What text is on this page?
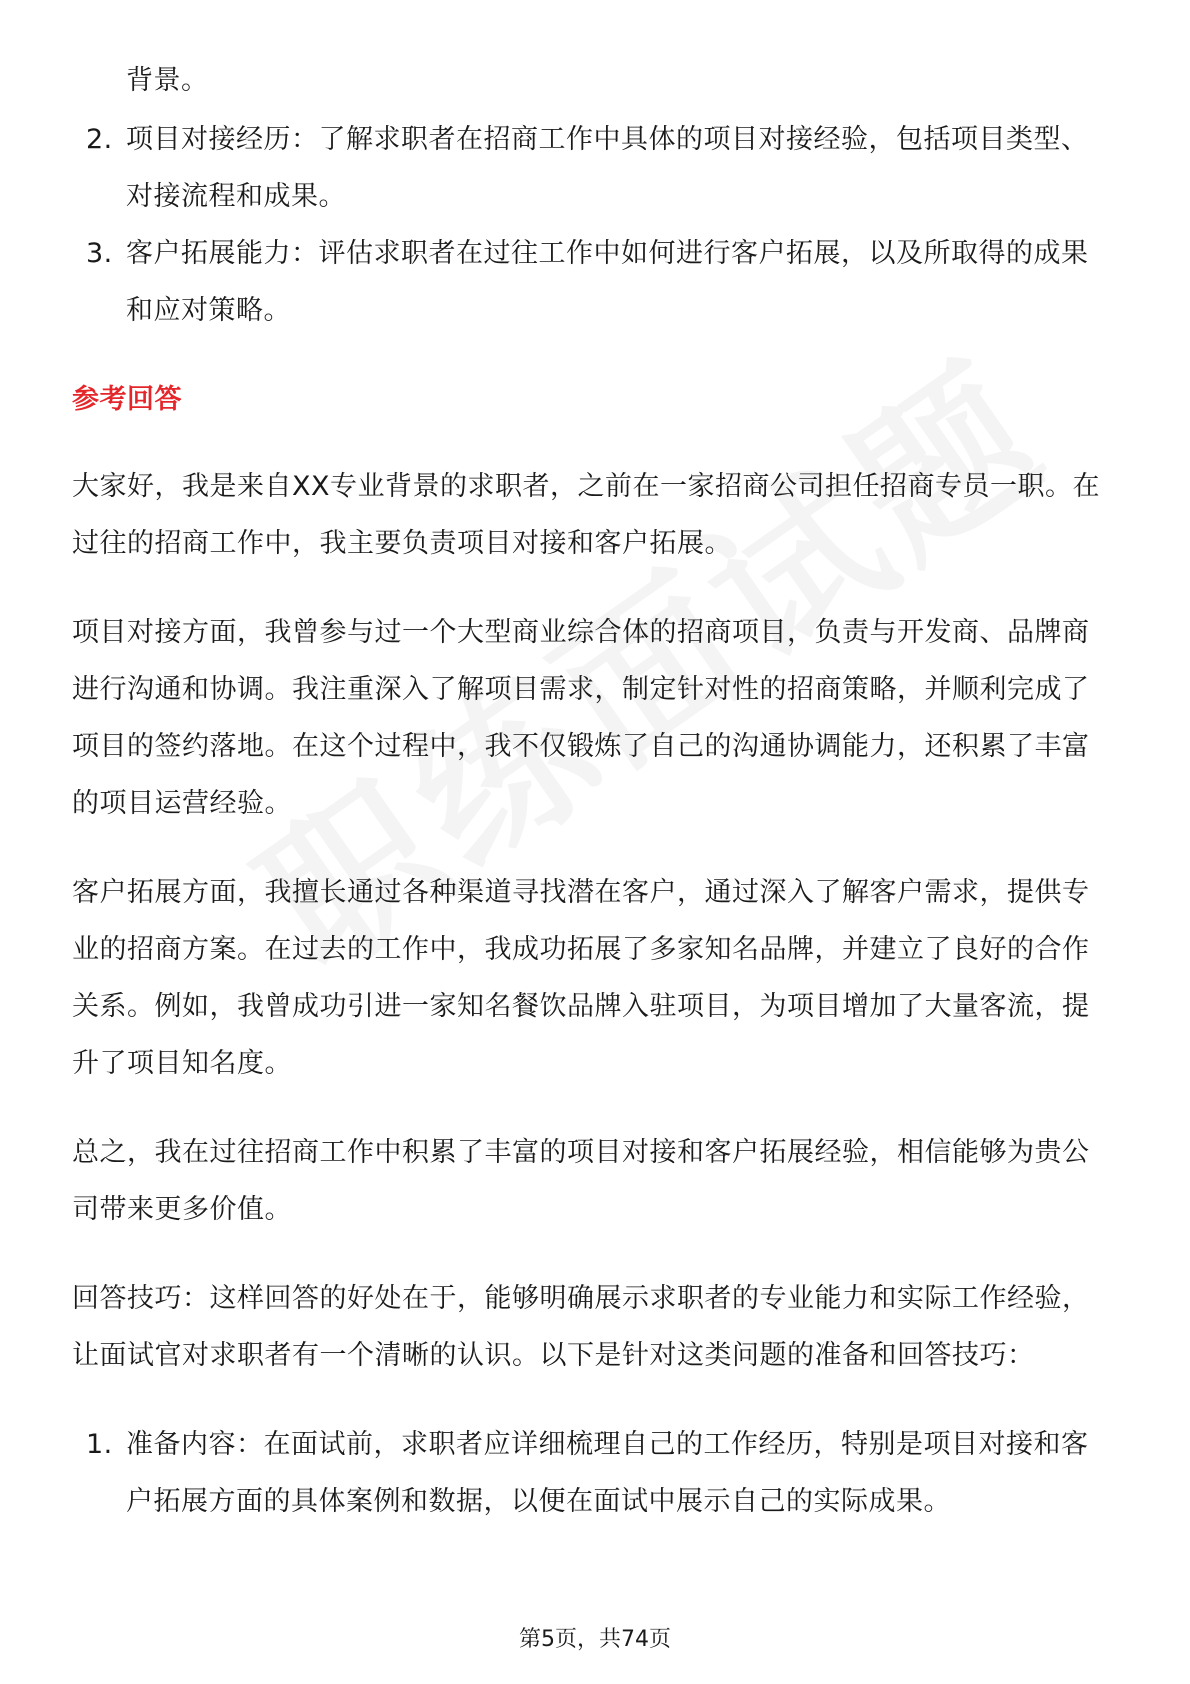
背景。

2. 项目对接经历：了解求职者在招商工作中具体的项目对接经验，包括项目类型、对接流程和成果。
3. 客户拓展能力：评估求职者在过往工作中如何进行客户拓展，以及所取得的成果和应对策略。
参考回答

大家好，我是来自XX专业背景的求职者，之前在一家招商公司担任招商专员一职。在过往的招商工作中，我主要负责项目对接和客户拓展。

项目对接方面，我曾参与过一个大型商业综合体的招商项目，负责与开发商、品牌商进行沟通和协调。我注重深入了解项目需求，制定针对性的招商策略，并顺利完成了项目的签约落地。在这个过程中，我不仅锻炼了自己的沟通协调能力，还积累了丰富的项目运营经验。

客户拓展方面，我擅长通过各种渠道寻找潜在客户，通过深入了解客户需求，提供专业的招商方案。在过去的工作中，我成功拓展了多家知名品牌，并建立了良好的合作关系。例如，我曾成功引进一家知名餐饮品牌入驻项目，为项目增加了大量客流，提升了项目知名度。

总之，我在过往招商工作中积累了丰富的项目对接和客户拓展经验，相信能够为贵公司带来更多价值。

回答技巧：这样回答的好处在于，能够明确展示求职者的专业能力和实际工作经验，让面试官对求职者有一个清晰的认识。以下是针对这类问题的准备和回答技巧：

1. 准备内容：在面试前，求职者应详细梳理自己的工作经历，特别是项目对接和客户拓展方面的具体案例和数据，以便在面试中展示自己的实际成果。
第5页，共74页
